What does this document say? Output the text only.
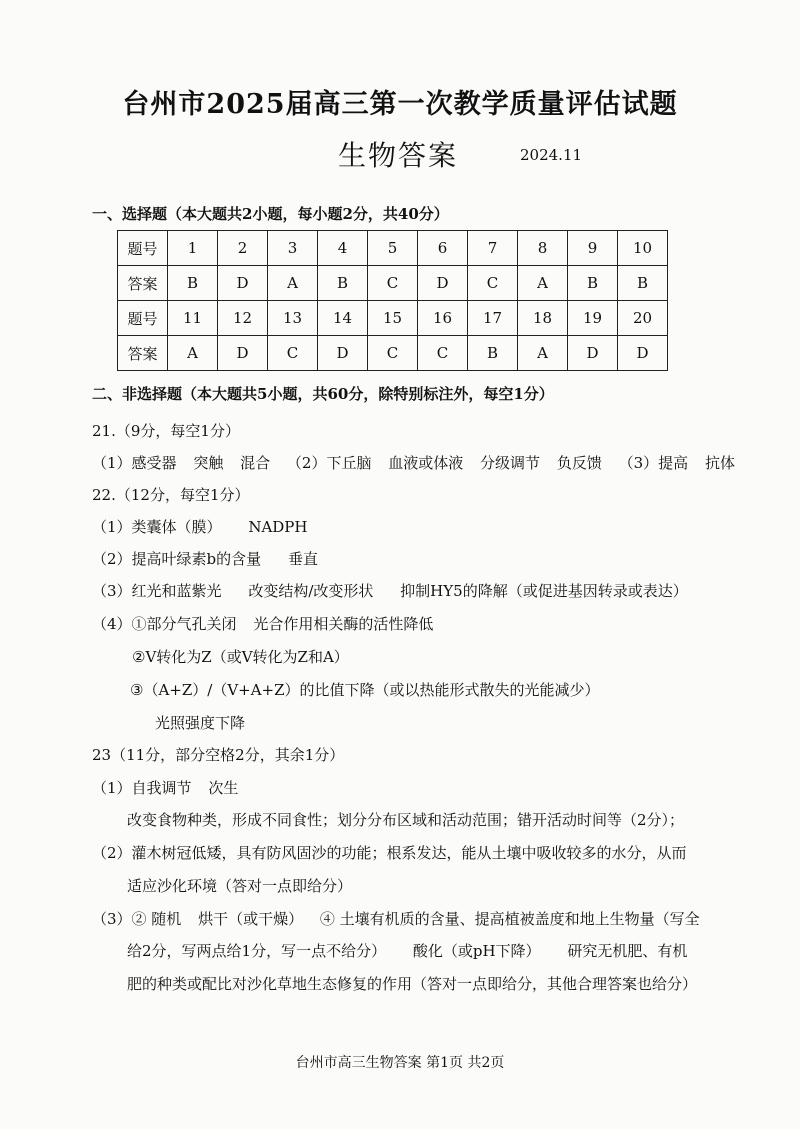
台州市2025届高三第一次教学质量评估试题
生物答案	2024.11
一、选择题（本大题共2小题，每小题2分，共40分）
题号	1	2	3	4	5	6	7	8	9	10
答案	B	D	A	B	C	D	C	A	B	B
题号	11	12	13	14	15	16	17	18	19	20
答案	A	D	C	D	C	C	B	A	D	D
二、非选择题（本大题共5小题，共60分，除特别标注外，每空1分）
21.（9分，每空1分）
（1）感受器 突触 混合 （2）下丘脑 血液或体液 分级调节 负反馈 （3）提高 抗体
22.（12分，每空1分）
（1）类囊体（膜） NADPH
（2）提高叶绿素b的含量 垂直
（3）红光和蓝紫光 改变结构/改变形状 抑制HY5的降解（或促进基因转录或表达）
（4）①部分气孔关闭 光合作用相关酶的活性降低
②V转化为Z（或V转化为Z和A）
③（A+Z）/（V+A+Z）的比值下降（或以热能形式散失的光能减少）
光照强度下降
23（11分，部分空格2分，其余1分）
（1）自我调节 次生
改变食物种类，形成不同食性；划分分布区域和活动范围；错开活动时间等（2分）；
（2）灌木树冠低矮，具有防风固沙的功能；根系发达，能从土壤中吸收较多的水分，从而
适应沙化环境（答对一点即给分）
（3）② 随机 烘干（或干燥） ④ 土壤有机质的含量、提高植被盖度和地上生物量（写全
给2分，写两点给1分，写一点不给分） 酸化（或pH下降） 研究无机肥、有机
肥的种类或配比对沙化草地生态修复的作用（答对一点即给分，其他合理答案也给分）
台州市高三生物答案 第1页 共2页
